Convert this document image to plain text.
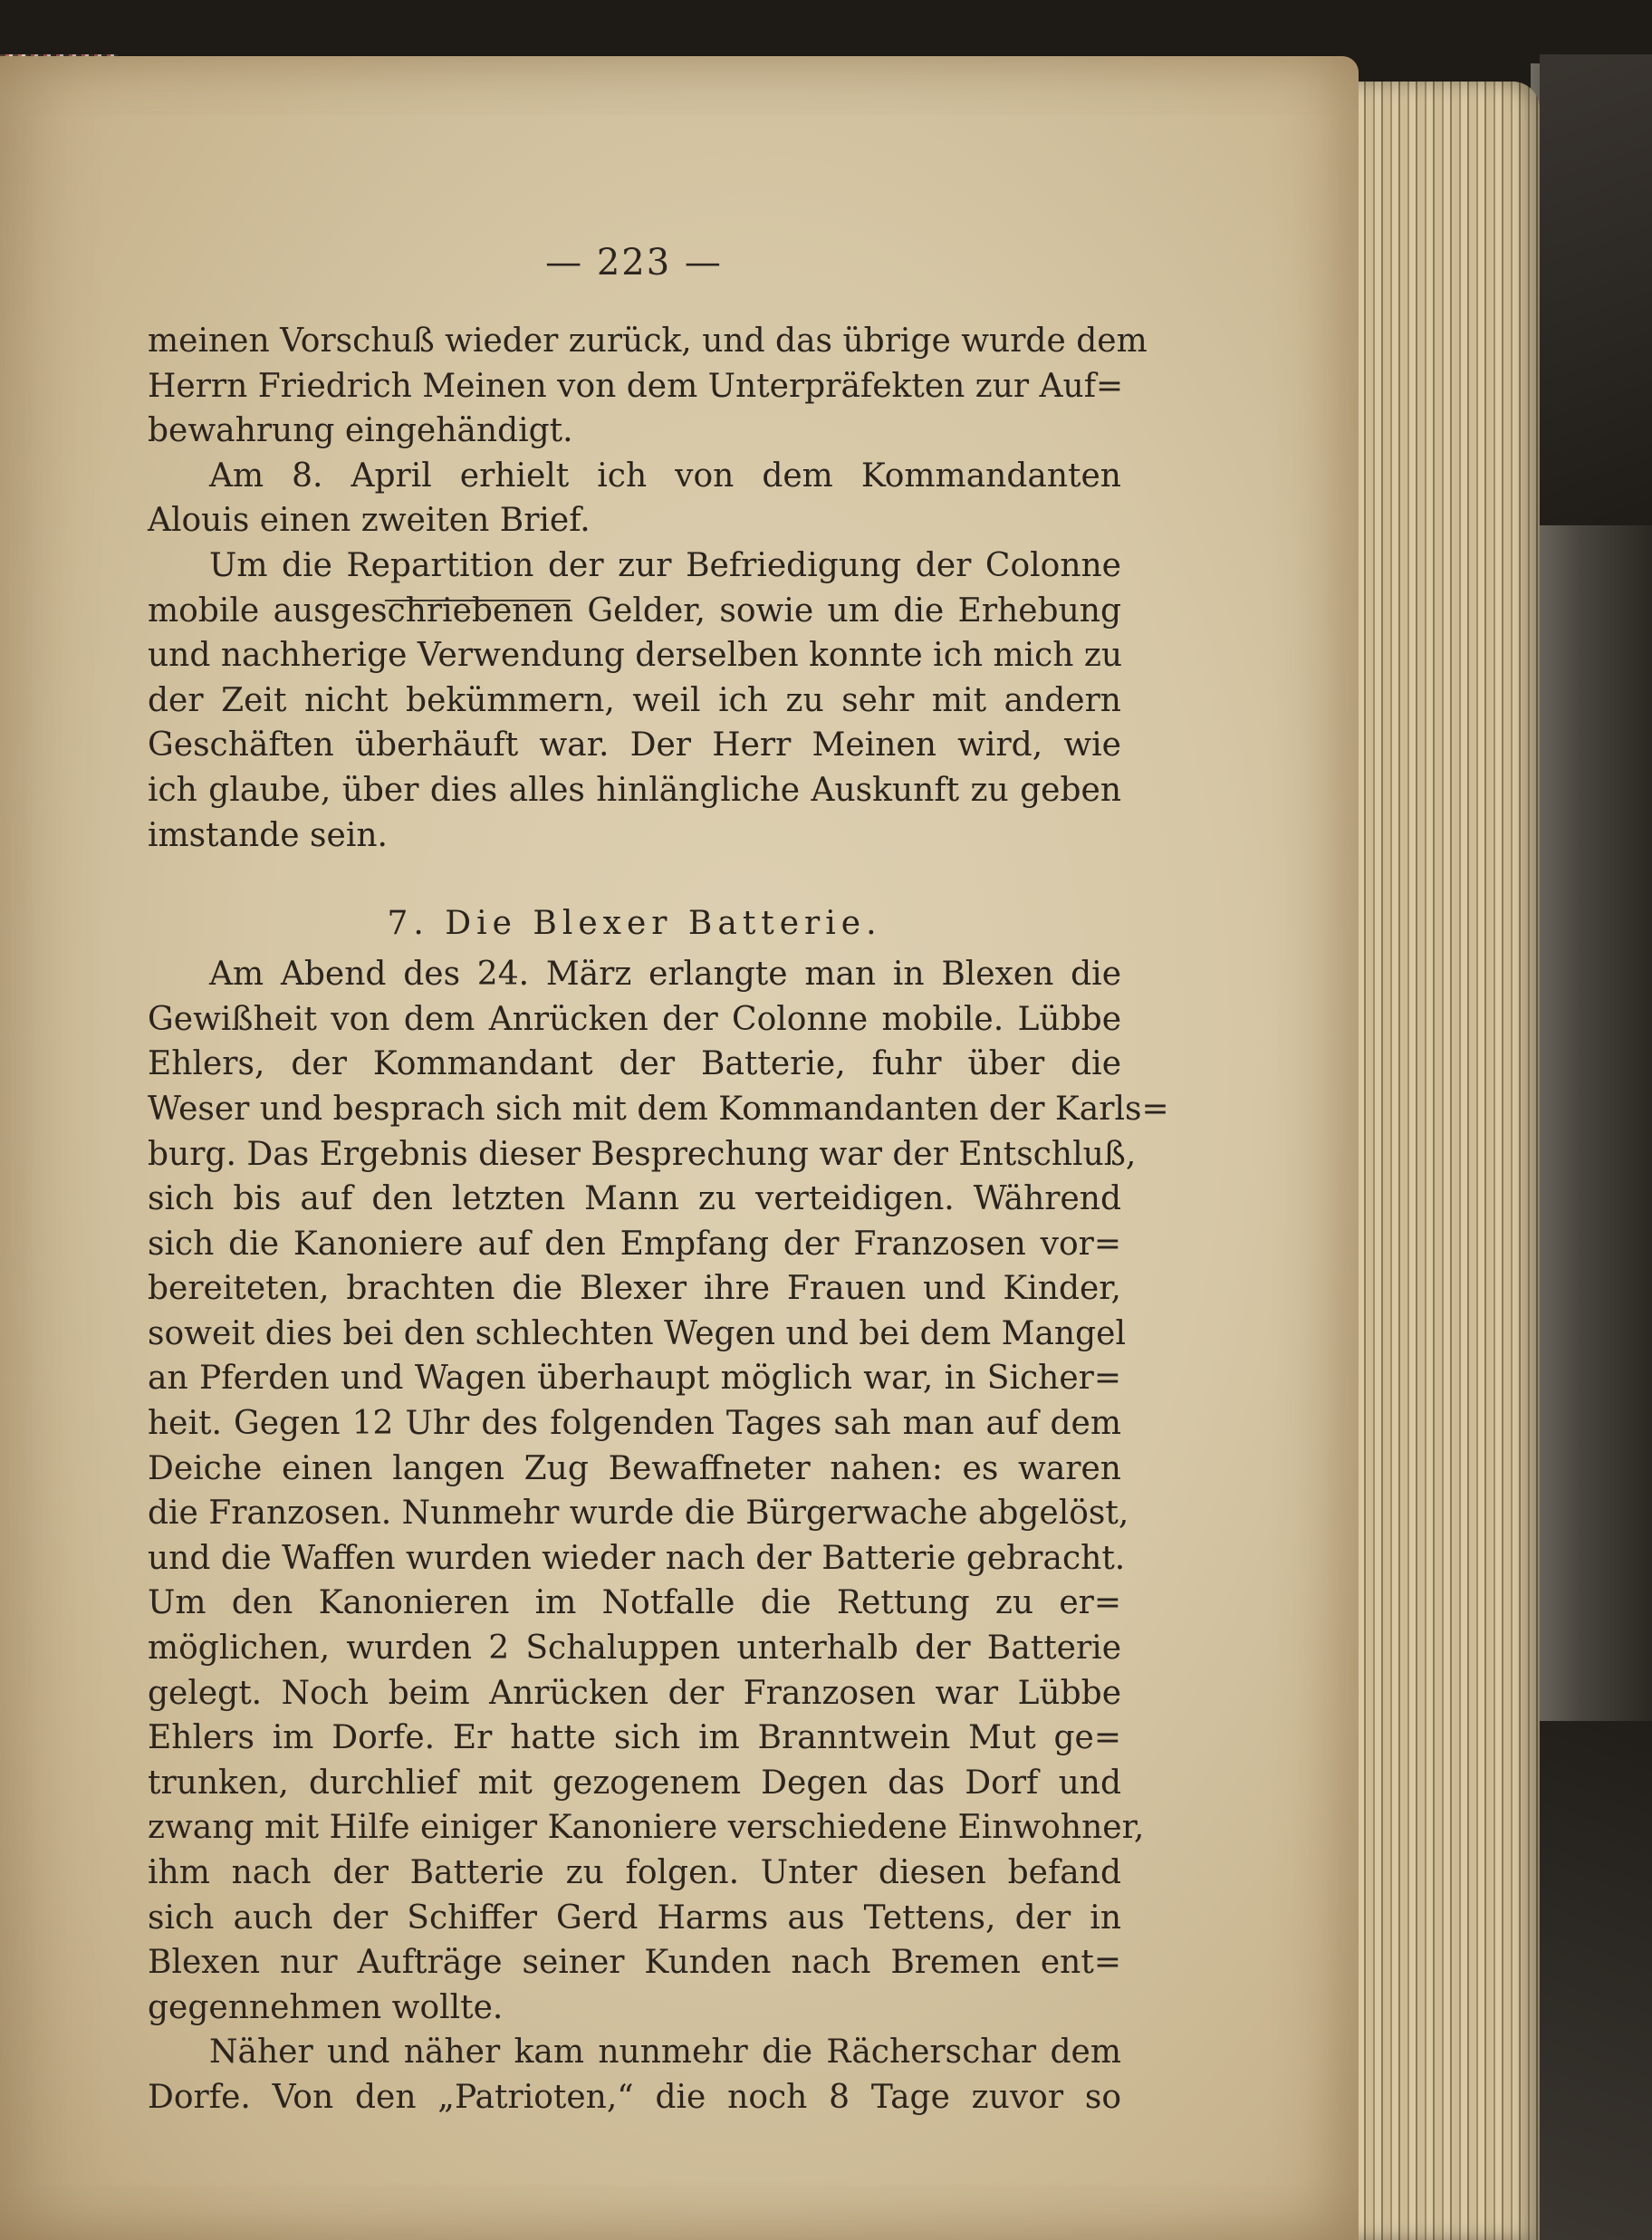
— 223 —
meinen Vorschuß wieder zurück, und das übrige wurde dem
Herrn Friedrich Meinen von dem Unterpräfekten zur Auf=
bewahrung eingehändigt.
Am 8. April erhielt ich von dem Kommandanten
Alouis einen zweiten Brief.
Um die Repartition der zur Befriedigung der Colonne
mobile ausgeschriebenen Gelder, sowie um die Erhebung
und nachherige Verwendung derselben konnte ich mich zu
der Zeit nicht bekümmern, weil ich zu sehr mit andern
Geschäften überhäuft war. Der Herr Meinen wird, wie
ich glaube, über dies alles hinlängliche Auskunft zu geben
imstande sein.
7. Die Blexer Batterie.
Am Abend des 24. März erlangte man in Blexen die
Gewißheit von dem Anrücken der Colonne mobile. Lübbe
Ehlers, der Kommandant der Batterie, fuhr über die
Weser und besprach sich mit dem Kommandanten der Karls=
burg. Das Ergebnis dieser Besprechung war der Entschluß,
sich bis auf den letzten Mann zu verteidigen. Während
sich die Kanoniere auf den Empfang der Franzosen vor=
bereiteten, brachten die Blexer ihre Frauen und Kinder,
soweit dies bei den schlechten Wegen und bei dem Mangel
an Pferden und Wagen überhaupt möglich war, in Sicher=
heit. Gegen 12 Uhr des folgenden Tages sah man auf dem
Deiche einen langen Zug Bewaffneter nahen: es waren
die Franzosen. Nunmehr wurde die Bürgerwache abgelöst,
und die Waffen wurden wieder nach der Batterie gebracht.
Um den Kanonieren im Notfalle die Rettung zu er=
möglichen, wurden 2 Schaluppen unterhalb der Batterie
gelegt. Noch beim Anrücken der Franzosen war Lübbe
Ehlers im Dorfe. Er hatte sich im Branntwein Mut ge=
trunken, durchlief mit gezogenem Degen das Dorf und
zwang mit Hilfe einiger Kanoniere verschiedene Einwohner,
ihm nach der Batterie zu folgen. Unter diesen befand
sich auch der Schiffer Gerd Harms aus Tettens, der in
Blexen nur Aufträge seiner Kunden nach Bremen ent=
gegennehmen wollte.
Näher und näher kam nunmehr die Rächerschar dem
Dorfe. Von den „Patrioten,“ die noch 8 Tage zuvor so
